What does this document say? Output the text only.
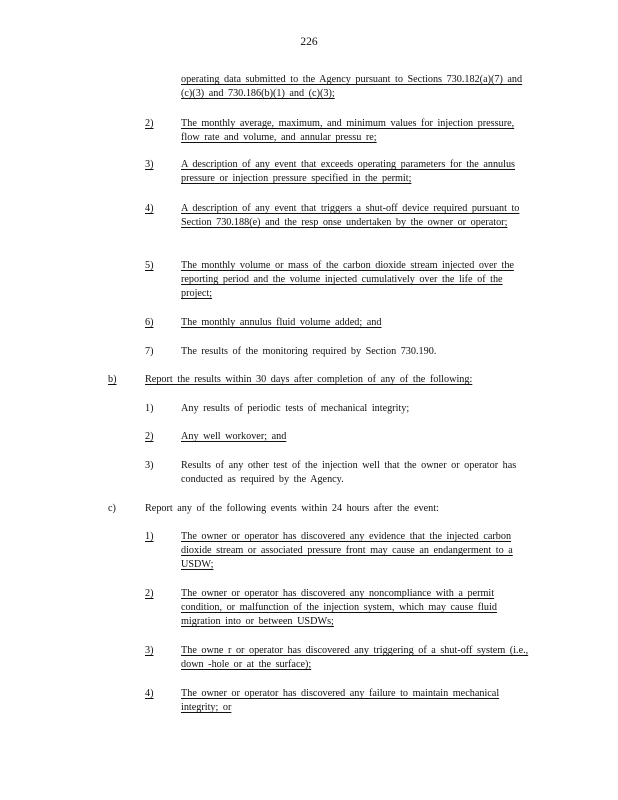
226
operating data submitted to the Agency pursuant to Sections 730.182(a)(7) and (c)(3) and 730.186(b)(1) and (c)(3);
2)	The monthly average, maximum, and minimum values for injection pressure, flow rate and volume, and annular pressu re;
3)	A description of any event that exceeds operating parameters for the annulus pressure or injection pressure specified in the permit;
4)	A description of any event that triggers a shut-off device required pursuant to Section 730.188(e) and the resp onse undertaken by the owner or operator;
5)	The monthly volume or mass of the carbon dioxide stream injected over the reporting period and the volume injected cumulatively over the life of the project;
6)	The monthly annulus fluid volume added; and
7)	The results of the monitoring required by Section 730.190.
b)	Report the results within 30 days after completion of any of the following:
1)	Any results of periodic tests of mechanical integrity;
2)	Any well workover; and
3)	Results of any other test of the injection well that the owner or operator has conducted as required by the Agency.
c)	Report any of the following events within 24 hours after the event:
1)	The owner or operator has discovered any evidence that the injected carbon dioxide stream or associated pressure front may cause an endangerment to a USDW;
2)	The owner or operator has discovered any noncompliance with a permit condition, or malfunction of the injection system, which may cause fluid migration into or between USDWs;
3)	The owne r or operator has discovered any triggering of a shut-off system (i.e., down -hole or at the surface);
4)	The owner or operator has discovered any failure to maintain mechanical integrity; or
